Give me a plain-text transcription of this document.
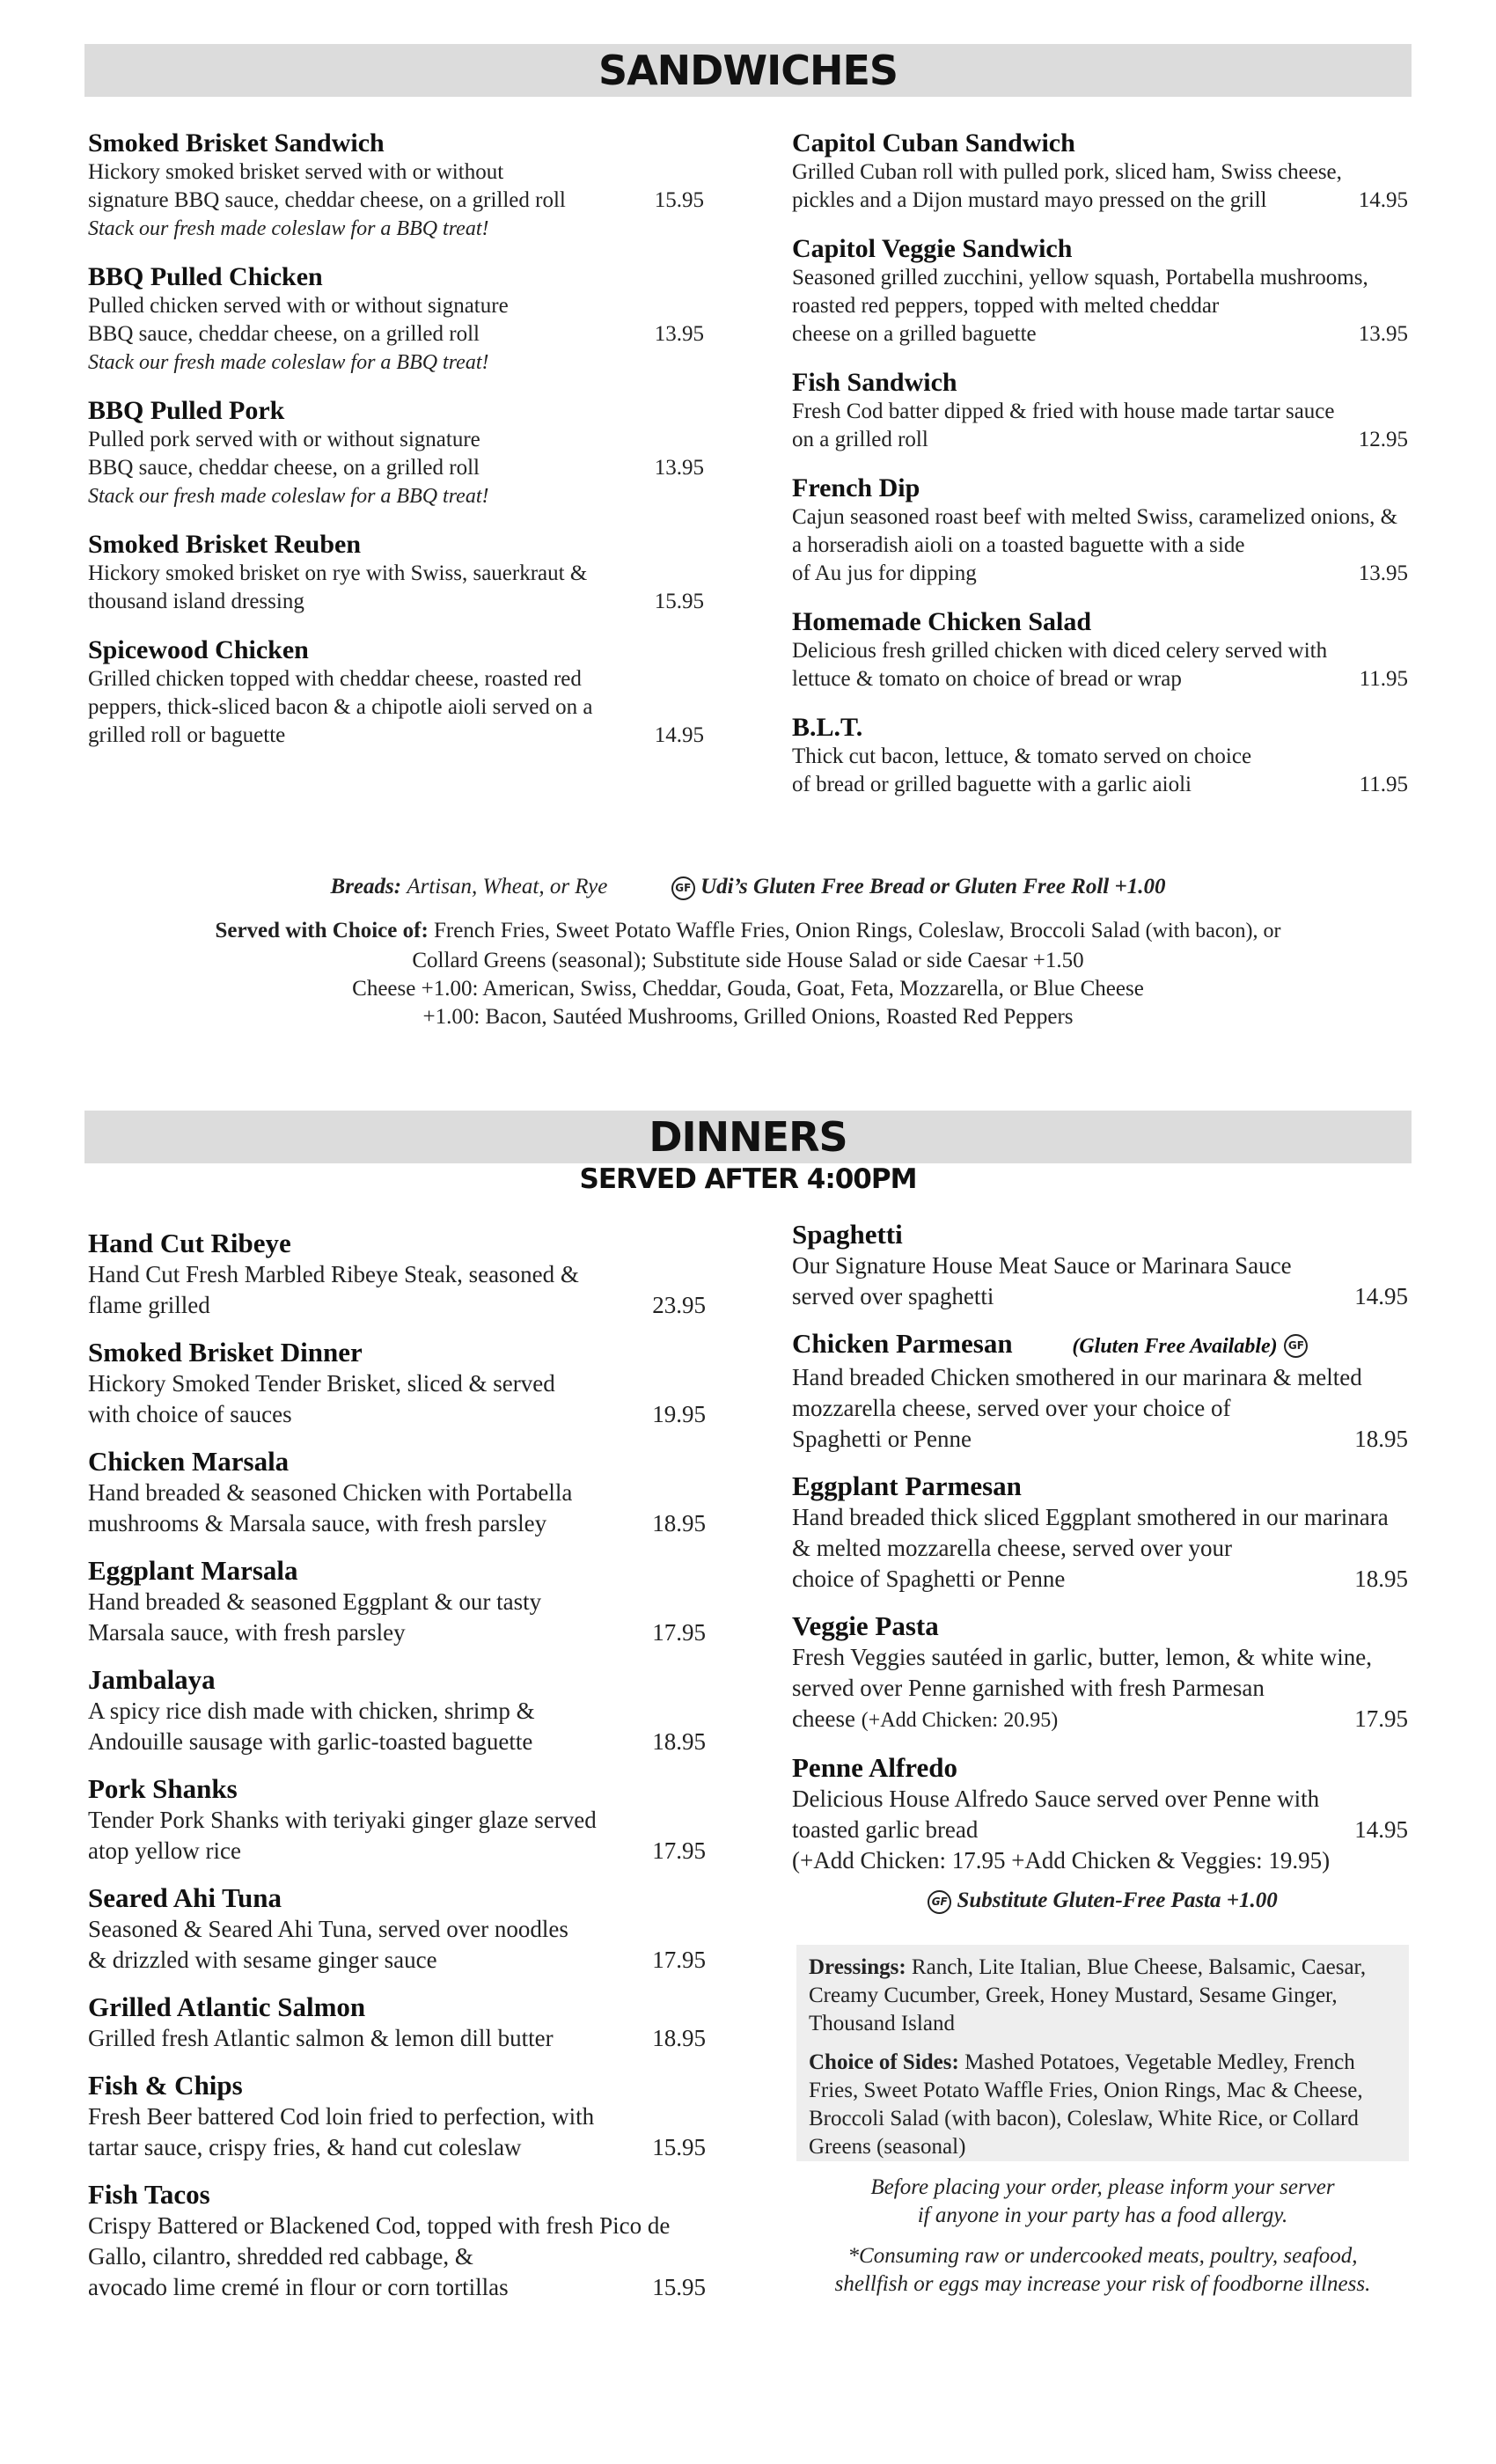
SANDWICHES
Smoked Brisket Sandwich
Hickory smoked brisket served with or without
15.95
signature BBQ sauce, cheddar cheese, on a grilled roll
Stack our fresh made coleslaw for a BBQ treat!
BBQ Pulled Chicken
Pulled chicken served with or without signature
13.95
BBQ sauce, cheddar cheese, on a grilled roll
Stack our fresh made coleslaw for a BBQ treat!
BBQ Pulled Pork
Pulled pork served with or without signature
13.95
BBQ sauce, cheddar cheese, on a grilled roll
Stack our fresh made coleslaw for a BBQ treat!
Smoked Brisket Reuben
Hickory smoked brisket on rye with Swiss, sauerkraut &
15.95
thousand island dressing
Spicewood Chicken
Grilled chicken topped with cheddar cheese, roasted red peppers, thick-sliced bacon & a chipotle aioli served on a
14.95
grilled roll or baguette
Capitol Cuban Sandwich
Grilled Cuban roll with pulled pork, sliced ham, Swiss cheese,
14.95
pickles and a Dijon mustard mayo pressed on the grill
Capitol Veggie Sandwich
Seasoned grilled zucchini, yellow squash, Portabella mushrooms, roasted red peppers, topped with melted cheddar
13.95
cheese on a grilled baguette
Fish Sandwich
Fresh Cod batter dipped & fried with house made tartar sauce
12.95
on a grilled roll
French Dip
Cajun seasoned roast beef with melted Swiss, caramelized onions, & a horseradish aioli on a toasted baguette with a side
13.95
of Au jus for dipping
Homemade Chicken Salad
Delicious fresh grilled chicken with diced celery served with
11.95
lettuce & tomato on choice of bread or wrap
B.L.T.
Thick cut bacon, lettuce, & tomato served on choice
11.95
of bread or grilled baguette with a garlic aioli
Breads: Artisan, Wheat, or Rye	GF Udi’s Gluten Free Bread or Gluten Free Roll +1.00
Served with Choice of: French Fries, Sweet Potato Waffle Fries, Onion Rings, Coleslaw, Broccoli Salad (with bacon), or
Collard Greens (seasonal); Substitute side House Salad or side Caesar +1.50
Cheese +1.00: American, Swiss, Cheddar, Gouda, Goat, Feta, Mozzarella, or Blue Cheese
+1.00: Bacon, Sautéed Mushrooms, Grilled Onions, Roasted Red Peppers
DINNERS
SERVED AFTER 4:00PM
Hand Cut Ribeye
Hand Cut Fresh Marbled Ribeye Steak, seasoned &
23.95
flame grilled
Smoked Brisket Dinner
Hickory Smoked Tender Brisket, sliced & served
19.95
with choice of sauces
Chicken Marsala
Hand breaded & seasoned Chicken with Portabella
18.95
mushrooms & Marsala sauce, with fresh parsley
Eggplant Marsala
Hand breaded & seasoned Eggplant & our tasty
17.95
Marsala sauce, with fresh parsley
Jambalaya
A spicy rice dish made with chicken, shrimp &
18.95
Andouille sausage with garlic-toasted baguette
Pork Shanks
Tender Pork Shanks with teriyaki ginger glaze served
17.95
atop yellow rice
Seared Ahi Tuna
Seasoned & Seared Ahi Tuna, served over noodles
17.95
& drizzled with sesame ginger sauce
Grilled Atlantic Salmon
18.95
Grilled fresh Atlantic salmon & lemon dill butter
Fish & Chips
Fresh Beer battered Cod loin fried to perfection, with
15.95
tartar sauce, crispy fries, & hand cut coleslaw
Fish Tacos
Crispy Battered or Blackened Cod, topped with fresh Pico de Gallo, cilantro, shredded red cabbage, &
15.95
avocado lime cremé in flour or corn tortillas
Spaghetti
Our Signature House Meat Sauce or Marinara Sauce
14.95
served over spaghetti
Chicken Parmesan	(Gluten Free Available) GF
Hand breaded Chicken smothered in our marinara & melted mozzarella cheese, served over your choice of
18.95
Spaghetti or Penne
Eggplant Parmesan
Hand breaded thick sliced Eggplant smothered in our marinara & melted mozzarella cheese, served over your
18.95
choice of Spaghetti or Penne
Veggie Pasta
Fresh Veggies sautéed in garlic, butter, lemon, & white wine, served over Penne garnished with fresh Parmesan
17.95
cheese (+Add Chicken: 20.95)
Penne Alfredo
Delicious House Alfredo Sauce served over Penne with
14.95
toasted garlic bread
(+Add Chicken: 17.95 +Add Chicken & Veggies: 19.95)
GF Substitute Gluten-Free Pasta +1.00

Dressings: Ranch, Lite Italian, Blue Cheese, Balsamic, Caesar, Creamy Cucumber, Greek, Honey Mustard, Sesame Ginger, Thousand Island

Choice of Sides: Mashed Potatoes, Vegetable Medley, French Fries, Sweet Potato Waffle Fries, Onion Rings, Mac & Cheese, Broccoli Salad (with bacon), Coleslaw, White Rice, or Collard Greens (seasonal)

Before placing your order, please inform your server
if anyone in your party has a food allergy.
*Consuming raw or undercooked meats, poultry, seafood,
shellfish or eggs may increase your risk of foodborne illness.
